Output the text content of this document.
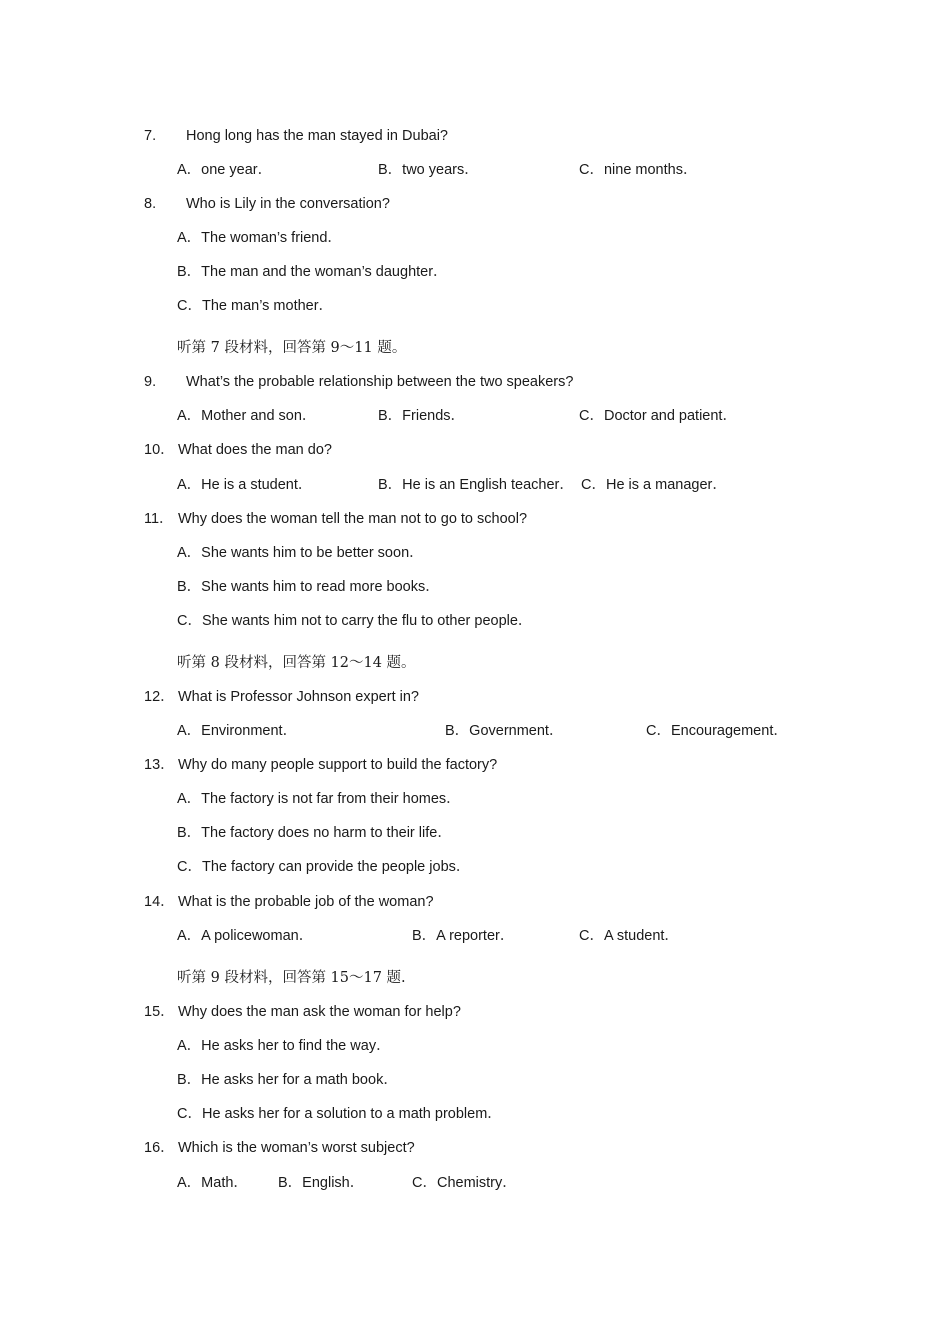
7. Hong long has the man stayed in Dubai?
A．one year．	B．two years．	C．nine months．
8. Who is Lily in the conversation?
A．The woman’s friend．
B．The man and the woman’s daughter．
C．The man’s mother．
听第 7 段材料，回答第 9～11 题。
9. What’s the probable relationship between the two speakers?
A．Mother and son．	B．Friends．	C．Doctor and patient．
10． What does the man do?
A．He is a student．	B．He is an English teacher． C．He is a manager．
11． Why does the woman tell the man not to go to school?
A．She wants him to be better soon．
B．She wants him to read more books．
C．She wants him not to carry the flu to other people．
听第 8 段材料，回答第 12～14 题。
12． What is Professor Johnson expert in?
A．Environment．	B．Government．	C．Encouragement．
13． Why do many people support to build the factory?
A．The factory is not far from their homes．
B．The factory does no harm to their life．
C．The factory can provide the people jobs．
14． What is the probable job of the woman?
A．A policewoman．	B．A reporter．	C．A student．
听第 9 段材料，回答第 15～17 题.
15． Why does the man ask the woman for help?
A．He asks her to find the way．
B．He asks her for a math book．
C．He asks her for a solution to a math problem．
16． Which is the woman’s worst subject?
A．Math． B．English．	C．Chemistry．
